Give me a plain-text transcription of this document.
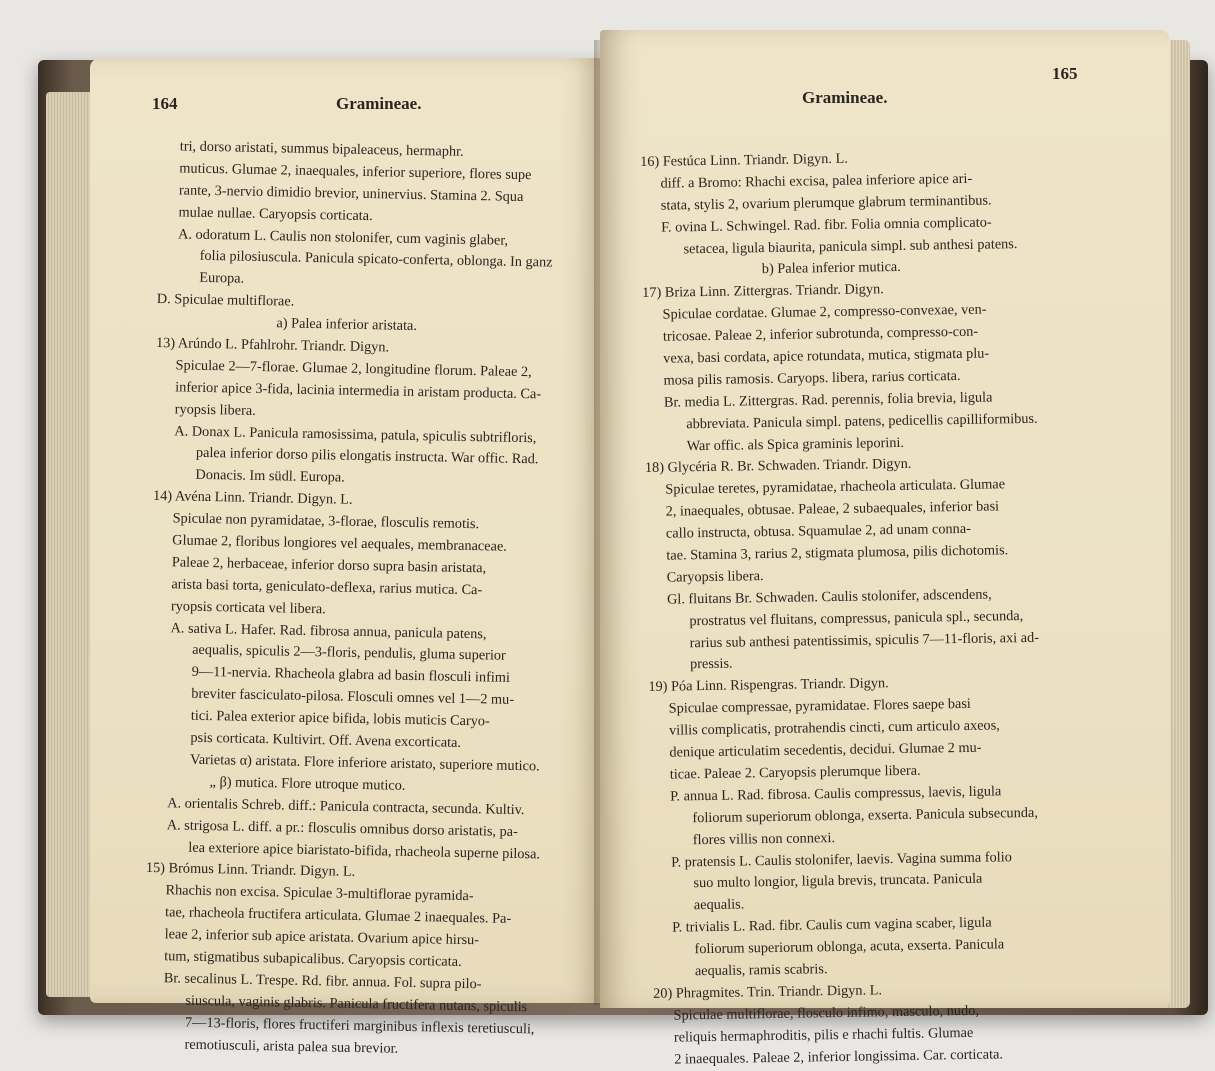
164	Gramineae.
tri, dorso aristati, summus bipaleaceus, hermaphr.
muticus. Glumae 2, inaequales, inferior superiore, flores supe
rante, 3-nervio dimidio brevior, uninervius. Stamina 2. Squa
mulae nullae. Caryopsis corticata.
A. odoratum L. Caulis non stolonifer, cum vaginis glaber,
folia pilosiuscula. Panicula spicato-conferta, oblonga. In ganz
Europa.
D. Spiculae multiflorae.
a) Palea inferior aristata.
13) Arúndo L. Pfahlrohr. Triandr. Digyn.
Spiculae 2—7-florae. Glumae 2, longitudine florum. Paleae 2,
inferior apice 3-fida, lacinia intermedia in aristam producta. Ca-
ryopsis libera.
A. Donax L. Panicula ramosissima, patula, spiculis subtrifloris,
palea inferior dorso pilis elongatis instructa. War offic. Rad.
Donacis. Im südl. Europa.
14) Avéna Linn. Triandr. Digyn. L.
Spiculae non pyramidatae, 3-florae, flosculis remotis.
Glumae 2, floribus longiores vel aequales, membranaceae.
Paleae 2, herbaceae, inferior dorso supra basin aristata,
arista basi torta, geniculato-deflexa, rarius mutica. Ca-
ryopsis corticata vel libera.
A. sativa L. Hafer. Rad. fibrosa annua, panicula patens,
aequalis, spiculis 2—3-floris, pendulis, gluma superior
9—11-nervia. Rhacheola glabra ad basin flosculi infimi
breviter fasciculato-pilosa. Flosculi omnes vel 1—2 mu-
tici. Palea exterior apice bifida, lobis muticis Caryo-
psis corticata. Kultivirt. Off. Avena excorticata.
Varietas α) aristata. Flore inferiore aristato, superiore mutico.
„ β) mutica. Flore utroque mutico.
A. orientalis Schreb. diff.: Panicula contracta, secunda. Kultiv.
A. strigosa L. diff. a pr.: flosculis omnibus dorso aristatis, pa-
lea exteriore apice biaristato-bifida, rhacheola superne pilosa.
15) Brómus Linn. Triandr. Digyn. L.
Rhachis non excisa. Spiculae 3-multiflorae pyramida-
tae, rhacheola fructifera articulata. Glumae 2 inaequales. Pa-
leae 2, inferior sub apice aristata. Ovarium apice hirsu-
tum, stigmatibus subapicalibus. Caryopsis corticata.
Br. secalinus L. Trespe. Rd. fibr. annua. Fol. supra pilo-
siuscula, vaginis glabris. Panicula fructifera nutans, spiculis
7—13-floris, flores fructiferi marginibus inflexis teretiusculi,
remotiusculi, arista palea sua brevior.
165
Gramineae.
16) Festúca Linn. Triandr. Digyn. L.
diff. a Bromo: Rhachi excisa, palea inferiore apice ari-
stata, stylis 2, ovarium plerumque glabrum terminantibus.
F. ovina L. Schwingel. Rad. fibr. Folia omnia complicato-
setacea, ligula biaurita, panicula simpl. sub anthesi patens.
b) Palea inferior mutica.
17) Briza Linn. Zittergras. Triandr. Digyn.
Spiculae cordatae. Glumae 2, compresso-convexae, ven-
tricosae. Paleae 2, inferior subrotunda, compresso-con-
vexa, basi cordata, apice rotundata, mutica, stigmata plu-
mosa pilis ramosis. Caryops. libera, rarius corticata.
Br. media L. Zittergras. Rad. perennis, folia brevia, ligula
abbreviata. Panicula simpl. patens, pedicellis capilliformibus.
War offic. als Spica graminis leporini.
18) Glycéria R. Br. Schwaden. Triandr. Digyn.
Spiculae teretes, pyramidatae, rhacheola articulata. Glumae
2, inaequales, obtusae. Paleae, 2 subaequales, inferior basi
callo instructa, obtusa. Squamulae 2, ad unam conna-
tae. Stamina 3, rarius 2, stigmata plumosa, pilis dichotomis.
Caryopsis libera.
Gl. fluitans Br. Schwaden. Caulis stolonifer, adscendens,
prostratus vel fluitans, compressus, panicula spl., secunda,
rarius sub anthesi patentissimis, spiculis 7—11-floris, axi ad-
pressis.
19) Póa Linn. Rispengras. Triandr. Digyn.
Spiculae compressae, pyramidatae. Flores saepe basi
villis complicatis, protrahendis cincti, cum articulo axeos,
denique articulatim secedentis, decidui. Glumae 2 mu-
ticae. Paleae 2. Caryopsis plerumque libera.
P. annua L. Rad. fibrosa. Caulis compressus, laevis, ligula
foliorum superiorum oblonga, exserta. Panicula subsecunda,
flores villis non connexi.
P. pratensis L. Caulis stolonifer, laevis. Vagina summa folio
suo multo longior, ligula brevis, truncata. Panicula
aequalis.
P. trivialis L. Rad. fibr. Caulis cum vagina scaber, ligula
foliorum superiorum oblonga, acuta, exserta. Panicula
aequalis, ramis scabris.
20) Phragmites. Trin. Triandr. Digyn. L.
Spiculae multiflorae, flosculo infimo, masculo, nudo,
reliquis hermaphroditis, pilis e rhachi fultis. Glumae
2 inaequales. Paleae 2, inferior longissima. Car. corticata.
